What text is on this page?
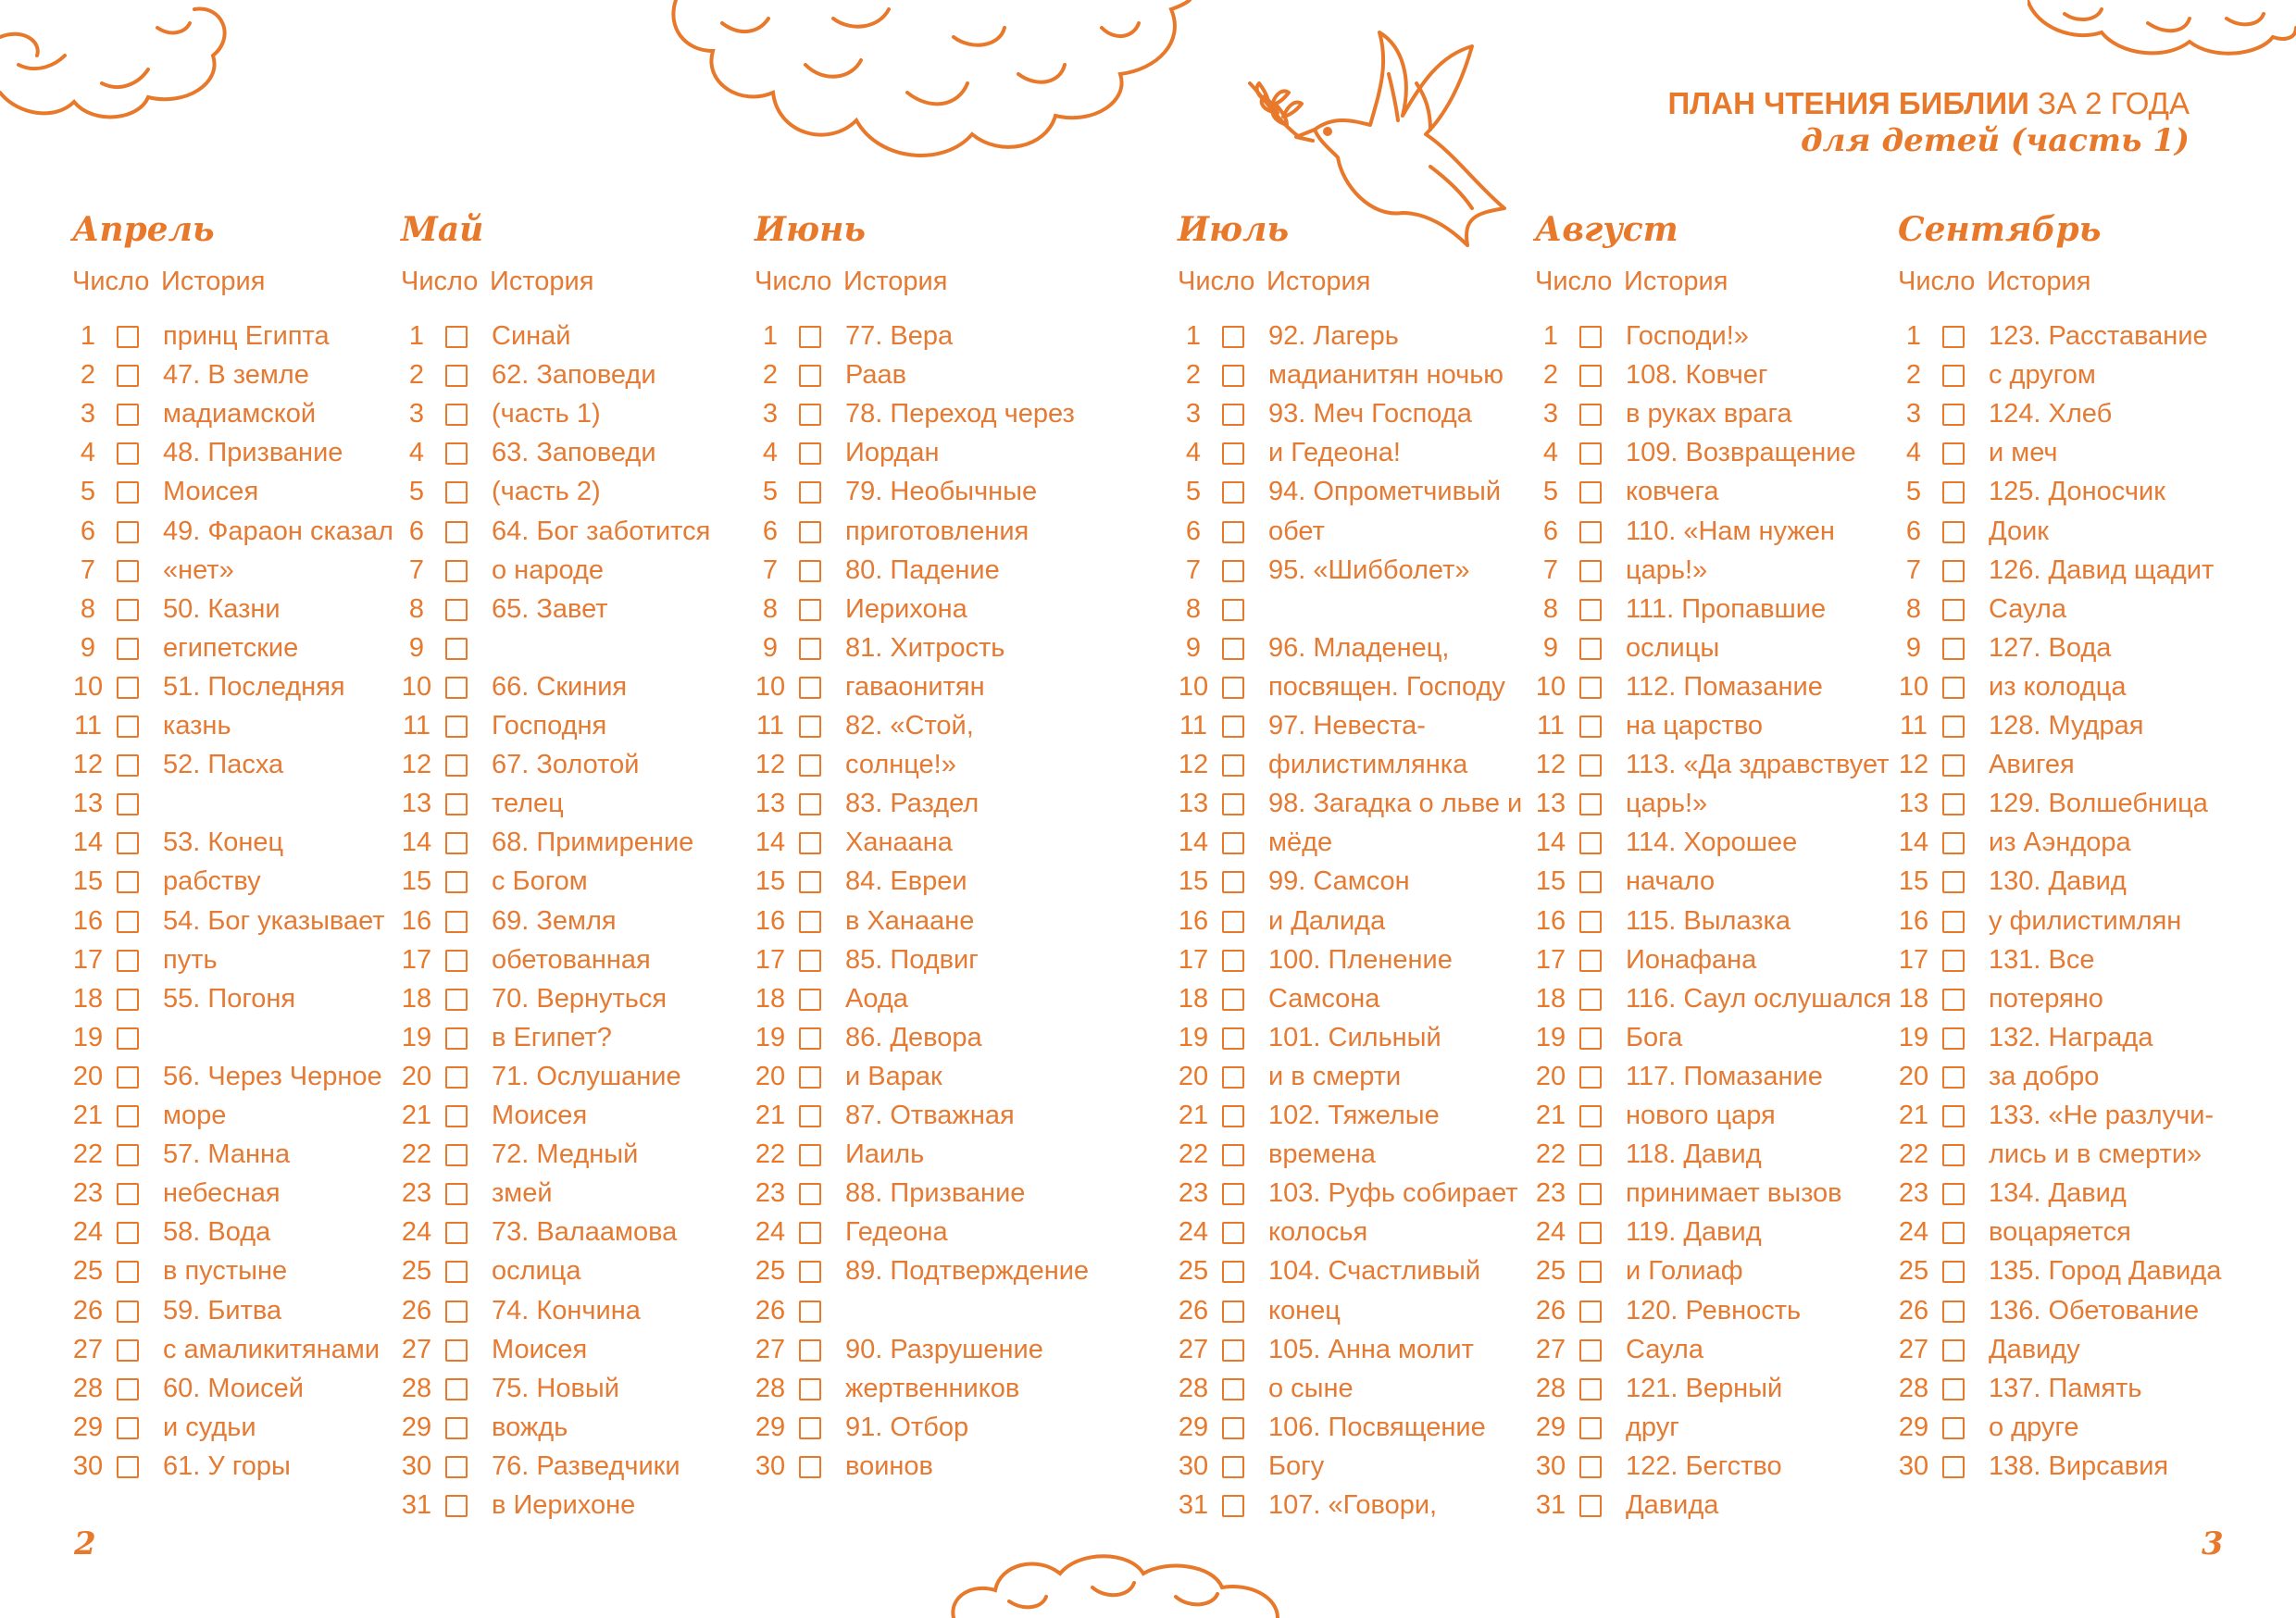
ПЛАН ЧТЕНИЯ БИБЛИИ ЗА 2 ГОДА
для детей (часть 1)
Апрель
Число История
1	принц Египта
2	47. В земле
3	мадиамской
4	48. Призвание
5	Моисея
6	49. Фараон сказал
7	«нет»
8	50. Казни
9	египетские
10 51. Последняя
11 казнь
12 52. Пасха
13
14 53. Конец
15 рабству
16 54. Бог указывает
17 путь
18 55. Погоня
19
20 56. Через Черное
21 море
22 57. Манна
23 небесная
24 58. Вода
25 в пустыне
26 59. Битва
27 с амаликитянами
28 60. Моисей
29 и судьи
30 61. У горы
Май
Число История
1	Синай
2	62. Заповеди
3	(часть 1)
4	63. Заповеди
5	(часть 2)
6	64. Бог заботится
7	о народе
8	65. Завет
9
10 66. Скиния
11 Господня
12 67. Золотой
13 телец
14 68. Примирение
15 с Богом
16 69. Земля
17 обетованная
18 70. Вернуться
19 в Египет?
20 71. Ослушание
21 Моисея
22 72. Медный
23 змей
24 73. Валаамова
25 ослица
26 74. Кончина
27 Моисея
28 75. Новый
29 вождь
30 76. Разведчики
31 в Иерихоне
Июнь
Число История
1	77. Вера
2	Раав
3	78. Переход через
4	Иордан
5	79. Необычные
6	приготовления
7	80. Падение
8	Иерихона
9	81. Хитрость
10 гаваонитян
11 82. «Стой,
12 солнце!»
13 83. Раздел
14 Ханаана
15 84. Евреи
16 в Ханаане
17 85. Подвиг
18 Аода
19 86. Девора
20 и Варак
21 87. Отважная
22 Иаиль
23 88. Призвание
24 Гедеона
25 89. Подтверждение
26
27 90. Разрушение
28 жертвенников
29 91. Отбор
30 воинов
Июль
Число История
1	92. Лагерь
2	мадианитян ночью
3	93. Меч Господа
4	и Гедеона!
5	94. Опрометчивый
6	обет
7	95. «Шибболет»
8
9	96. Младенец,
10 посвящен. Господу
11 97. Невеста-
12 филистимлянка
13 98. Загадка о льве и
14 мёде
15 99. Самсон
16 и Далида
17 100. Пленение
18 Самсона
19 101. Сильный
20 и в смерти
21 102. Тяжелые
22 времена
23 103. Руфь собирает
24 колосья
25 104. Счастливый
26 конец
27 105. Анна молит
28 о сыне
29 106. Посвящение
30 Богу
31 107. «Говори,
Август
Число История
1	Господи!»
2	108. Ковчег
3	в руках врага
4	109. Возвращение
5	ковчега
6	110. «Нам нужен
7	царь!»
8	111. Пропавшие
9	ослицы
10 112. Помазание
11 на царство
12 113. «Да здравствует
13 царь!»
14 114. Хорошее
15 начало
16 115. Вылазка
17 Ионафана
18 116. Саул ослушался
19 Бога
20 117. Помазание
21 нового царя
22 118. Давид
23 принимает вызов
24 119. Давид
25 и Голиаф
26 120. Ревность
27 Саула
28 121. Верный
29 друг
30 122. Бегство
31 Давида
Сентябрь
Число История
1	123. Расставание
2	с другом
3	124. Хлеб
4	и меч
5	125. Доносчик
6	Доик
7	126. Давид щадит
8	Саула
9	127. Вода
10 из колодца
11 128. Мудрая
12 Авигея
13 129. Волшебница
14 из Аэндора
15 130. Давид
16 у филистимлян
17 131. Все
18 потеряно
19 132. Награда
20 за добро
21 133. «Не разлучи-
22 лись и в смерти»
23 134. Давид
24 воцаряется
25 135. Город Давида
26 136. Обетование
27 Давиду
28 137. Память
29 о друге
30 138. Вирсавия
2	3
